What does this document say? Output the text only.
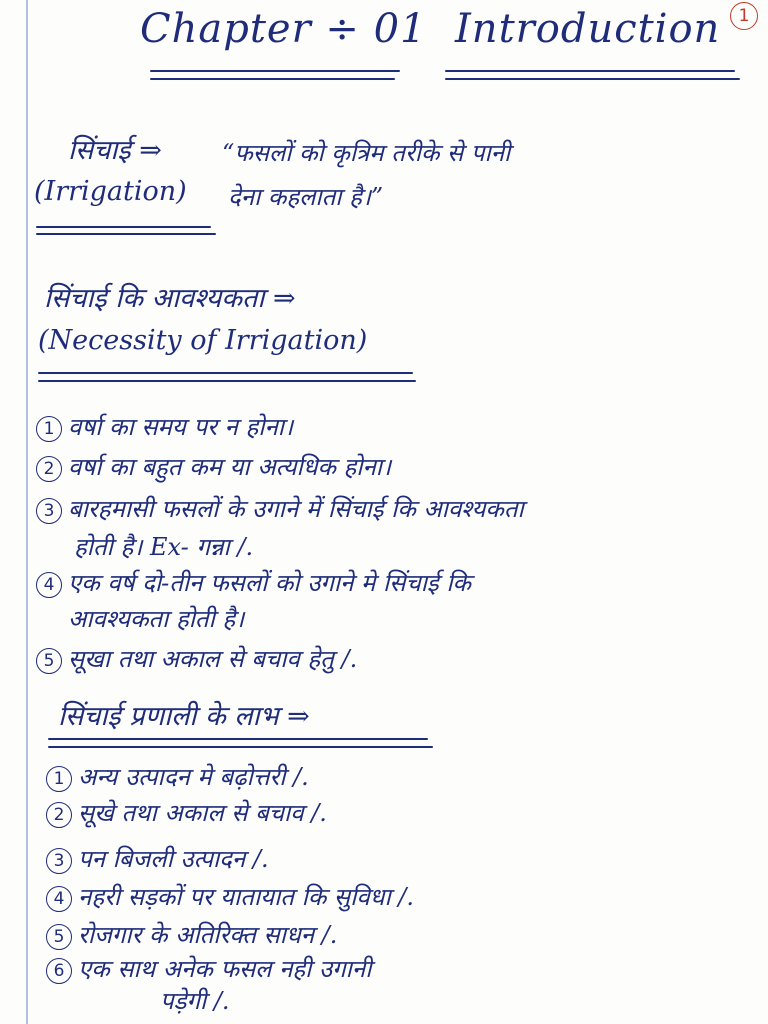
Chapter ÷ 01 Introduction	1
सिंचाई ⇒	“फसलों को कृत्रिम तरीके से पानी
(Irrigation) देना कहलाता है।”
सिंचाई कि आवश्यकता ⇒
(Necessity of Irrigation)
1 वर्षा का समय पर न होना।
2 वर्षा का बहुत कम या अत्यधिक होना।
3 बारहमासी फसलों के उगाने में सिंचाई कि आवश्यकता
होती है। Ex- गन्ना /.
4 एक वर्ष दो-तीन फसलों को उगाने मे सिंचाई कि
आवश्यकता होती है।
5 सूखा तथा अकाल से बचाव हेतु /.
सिंचाई प्रणाली के लाभ ⇒
1 अन्य उत्पादन मे बढ़ोत्तरी /.
2 सूखे तथा अकाल से बचाव /.
3 पन बिजली उत्पादन /.
4 नहरी सड़कों पर यातायात कि सुविधा /.
5 रोजगार के अतिरिक्त साधन /.
6 एक साथ अनेक फसल नही उगानी
पड़ेगी /.
